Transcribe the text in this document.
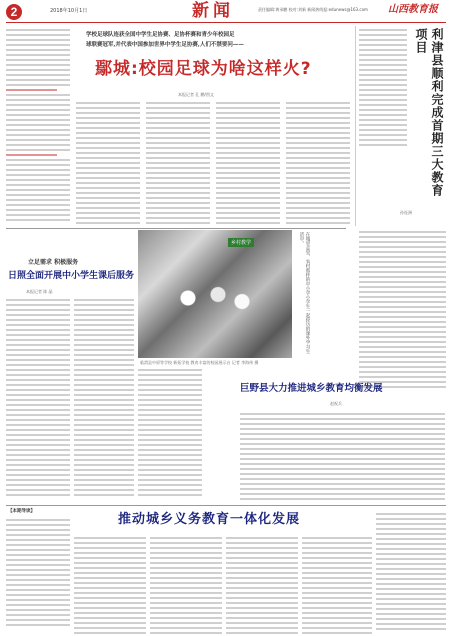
2	2018年10月1日	新闻	责任编辑:黄承鹏 校对:刘新 新闻热线报:edunews@163.com 山西教育报
学校足球队连获全国中学生足协赛、足协杯赛和青少年校园足
球联赛冠军,并代表中国参加世界中学生足协赛,人们不禁要问——
鄢城:校园足球为啥这样火?
本报记者 孔 鹏/图文	利津县顺利完成首期三大教育项目
孙连洲
立足需求 积极服务
日照全面开展中小学生课后服务
本报记者 陈 晶
乡村教学	在城里走里、农村那样的中小学小学生一起经历的课外学习生活中。
临渭县中原等学校 新拓学校 教育丰富的校园展示台 记者 李海伟 摄
巨野县大力推进城乡教育均衡发展
赵祝兵
【本期导读】
推动城乡义务教育一体化发展
